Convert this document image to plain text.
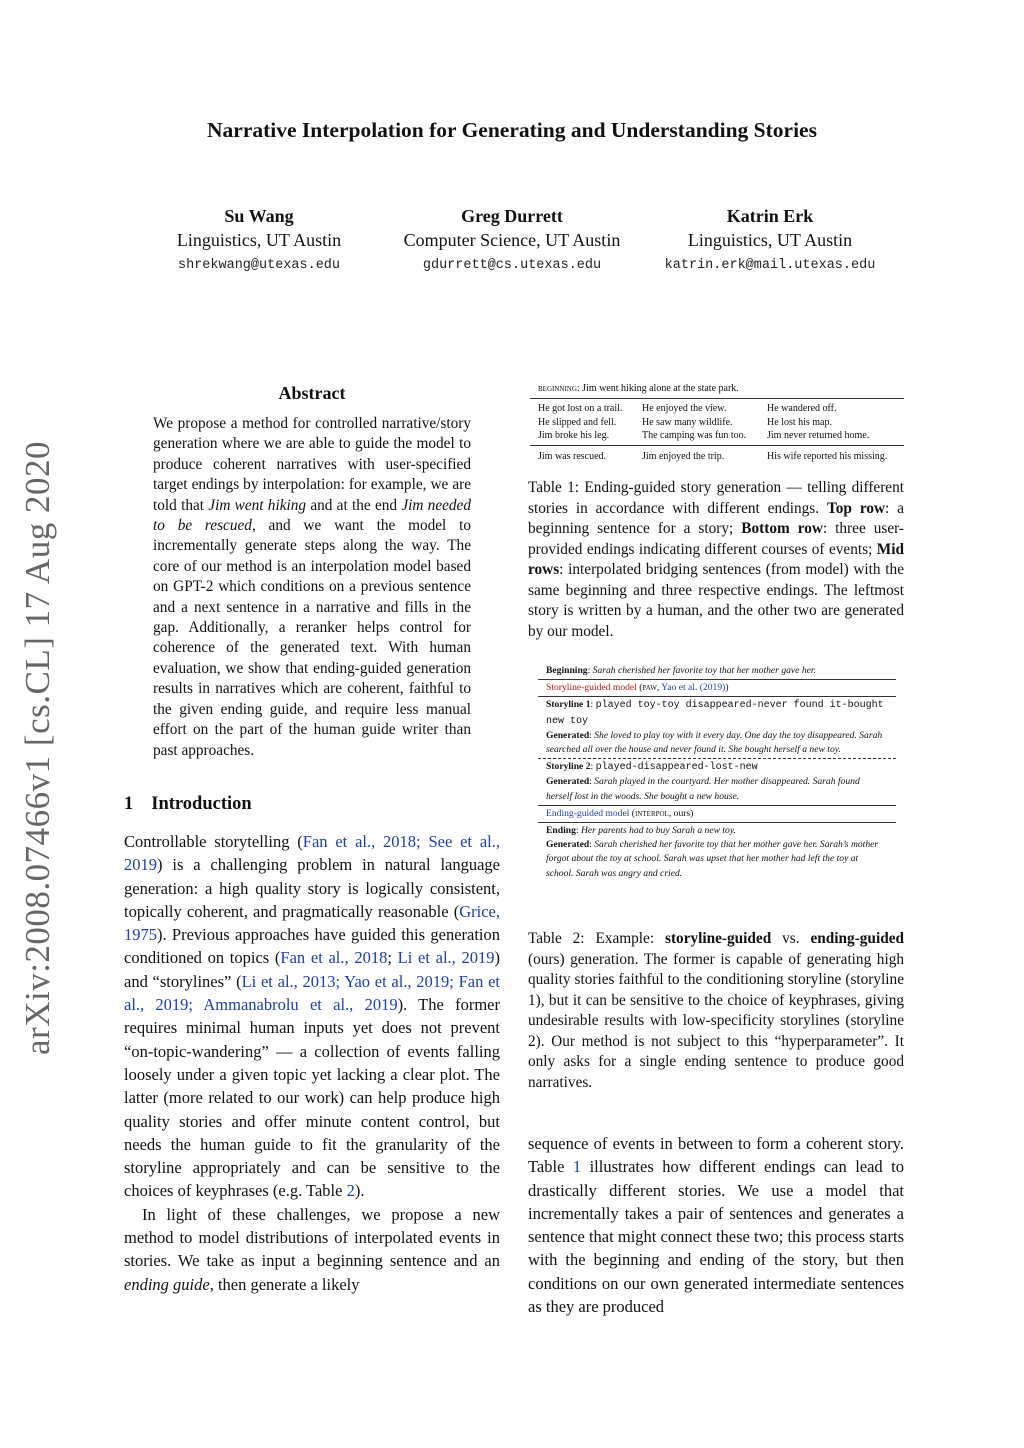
Narrative Interpolation for Generating and Understanding Stories
Su Wang
Linguistics, UT Austin
shrekwang@utexas.edu
Greg Durrett
Computer Science, UT Austin
gdurrett@cs.utexas.edu
Katrin Erk
Linguistics, UT Austin
katrin.erk@mail.utexas.edu
arXiv:2008.07466v1 [cs.CL] 17 Aug 2020
Abstract

We propose a method for controlled narrative/story generation where we are able to guide the model to produce coherent narratives with user-specified target endings by interpolation: for example, we are told that Jim went hiking and at the end Jim needed to be rescued, and we want the model to incrementally generate steps along the way. The core of our method is an interpolation model based on GPT-2 which conditions on a previous sentence and a next sentence in a narrative and fills in the gap. Additionally, a reranker helps control for coherence of the generated text. With human evaluation, we show that ending-guided generation results in narratives which are coherent, faithful to the given ending guide, and require less manual effort on the part of the human guide writer than past approaches.

1 Introduction

Controllable storytelling (Fan et al., 2018; See et al., 2019) is a challenging problem in natural language generation: a high quality story is logically consistent, topically coherent, and pragmatically reasonable (Grice, 1975). Previous approaches have guided this generation conditioned on topics (Fan et al., 2018; Li et al., 2019) and “storylines” (Li et al., 2013; Yao et al., 2019; Fan et al., 2019; Ammanabrolu et al., 2019). The former requires minimal human inputs yet does not prevent “on-topic-wandering” — a collection of events falling loosely under a given topic yet lacking a clear plot. The latter (more related to our work) can help produce high quality stories and offer minute content control, but needs the human guide to fit the granularity of the storyline appropriately and can be sensitive to the choices of keyphrases (e.g. Table 2).

In light of these challenges, we propose a new method to model distributions of interpolated events in stories. We take as input a beginning sentence and an ending guide, then generate a likely

beginning: Jim went hiking alone at the state park.
He got lost on a trail.
He slipped and fell.
Jim broke his leg.
He enjoyed the view.
He saw many wildlife.
The camping was fun too.
He wandered off.
He lost his map.
Jim never returned home.
Jim was rescued.	Jim enjoyed the trip.	His wife reported his missing.

Table 1: Ending-guided story generation — telling different stories in accordance with different endings. Top row: a beginning sentence for a story; Bottom row: three user-provided endings indicating different courses of events; Mid rows: interpolated bridging sentences (from model) with the same beginning and three respective endings. The leftmost story is written by a human, and the other two are generated by our model.

Beginning: Sarah cherished her favorite toy that her mother gave her.
Storyline-guided model (paw, Yao et al. (2019))
Storyline 1: played toy-toy disappeared-never found it-bought new toy
Generated: She loved to play toy with it every day. One day the toy disappeared. Sarah searched all over the house and never found it. She bought herself a new toy.
Storyline 2: played-disappeared-lost-new
Generated: Sarah played in the courtyard. Her mother disappeared. Sarah found herself lost in the woods. She bought a new house.
Ending-guided model (interpol, ours)
Ending: Her parents had to buy Sarah a new toy.
Generated: Sarah cherished her favorite toy that her mother gave her. Sarah’s mother forgot about the toy at school. Sarah was upset that her mother had left the toy at school. Sarah was angry and cried.

Table 2: Example: storyline-guided vs. ending-guided (ours) generation. The former is capable of generating high quality stories faithful to the conditioning storyline (storyline 1), but it can be sensitive to the choice of keyphrases, giving undesirable results with low-specificity storylines (storyline 2). Our method is not subject to this “hyperparameter”. It only asks for a single ending sentence to produce good narratives.

sequence of events in between to form a coherent story. Table 1 illustrates how different endings can lead to drastically different stories. We use a model that incrementally takes a pair of sentences and generates a sentence that might connect these two; this process starts with the beginning and ending of the story, but then conditions on our own generated intermediate sentences as they are produced
